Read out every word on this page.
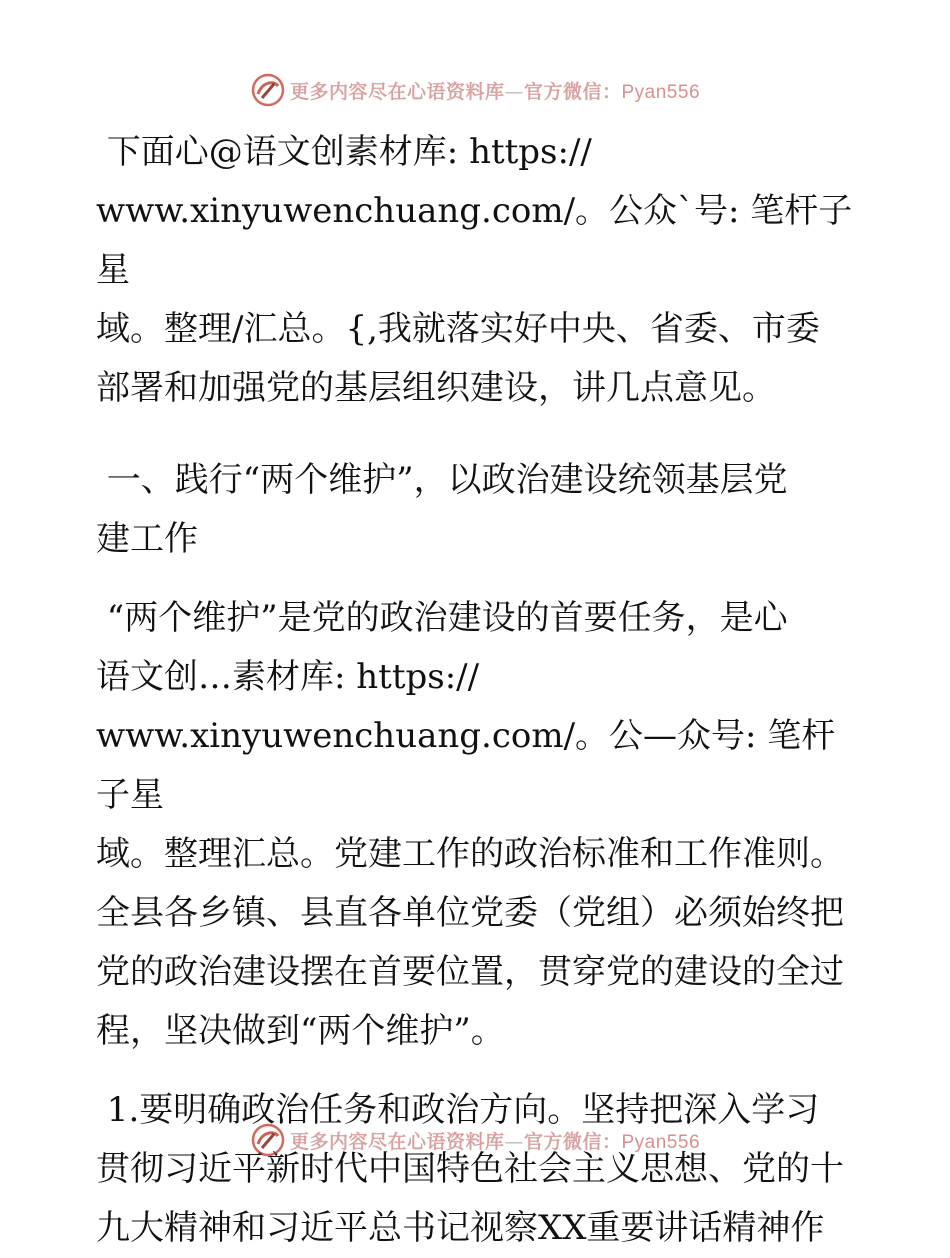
更多内容尽在心语资料库—官方微信：Pyan556

下面心@语文创素材库: https://
www.xinyuwenchuang.com/。公众`号: 笔杆子星
域。整理/汇总。{,我就落实好中央、省委、市委
部署和加强党的基层组织建设，讲几点意见。

一、践行“两个维护”，以政治建设统领基层党
建工作

“两个维护”是党的政治建设的首要任务，是心
语文创…素材库: https://
www.xinyuwenchuang.com/。公—众号: 笔杆子星
域。整理汇总。党建工作的政治标准和工作准则。
全县各乡镇、县直各单位党委（党组）必须始终把
党的政治建设摆在首要位置，贯穿党的建设的全过
程，坚决做到“两个维护”。

1.要明确政治任务和政治方向。坚持把深入学习
贯彻习近平新时代中国特色社会主义思想、党的十
九大精神和习近平总书记视察XX重要讲话精神作

更多内容尽在心语资料库—官方微信：Pyan556
